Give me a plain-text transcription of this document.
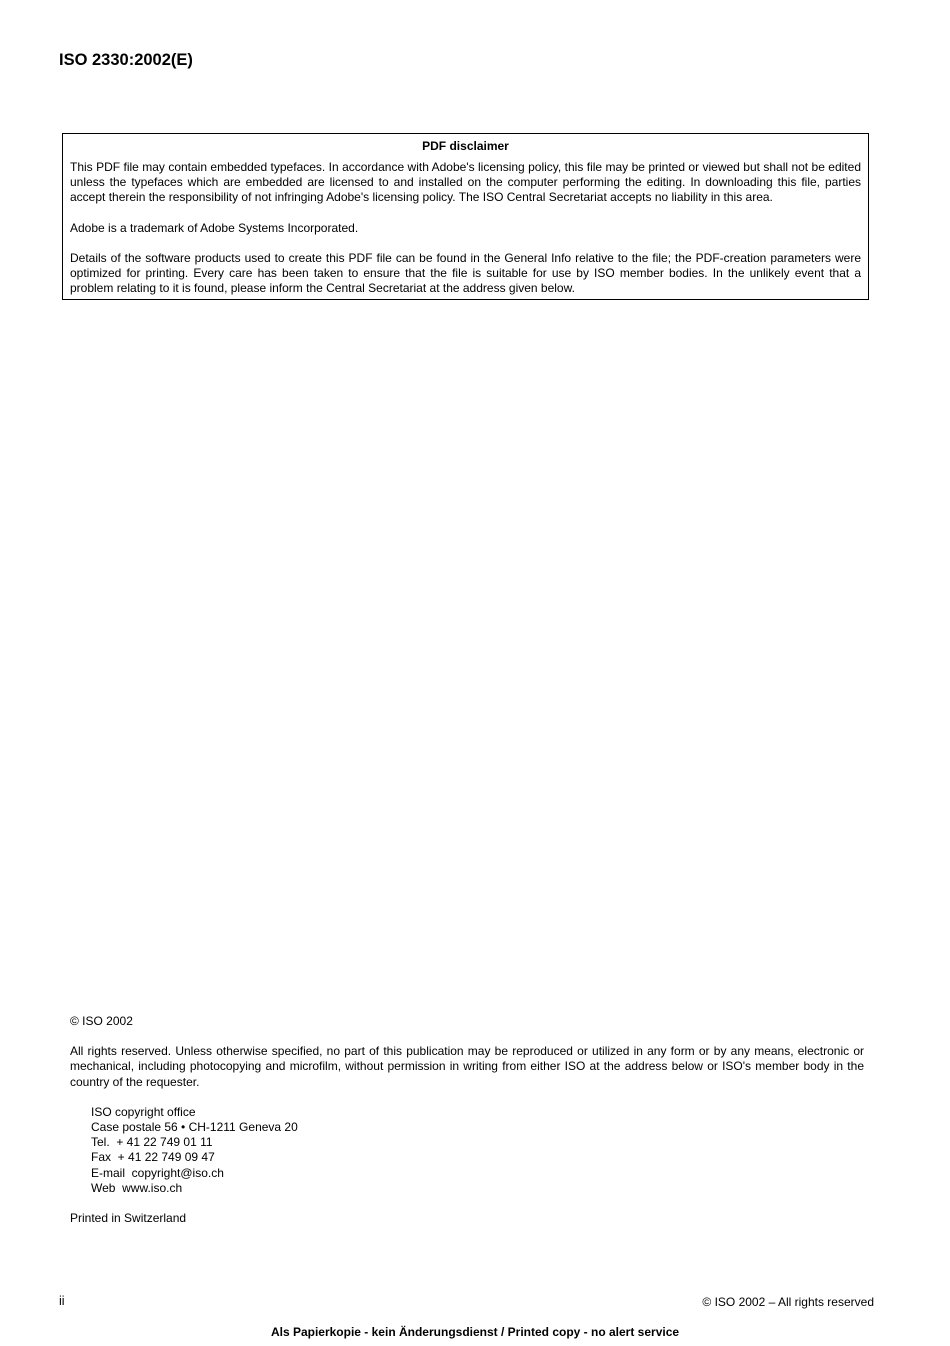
ISO 2330:2002(E)
PDF disclaimer

This PDF file may contain embedded typefaces. In accordance with Adobe's licensing policy, this file may be printed or viewed but shall not be edited unless the typefaces which are embedded are licensed to and installed on the computer performing the editing. In downloading this file, parties accept therein the responsibility of not infringing Adobe's licensing policy. The ISO Central Secretariat accepts no liability in this area.

Adobe is a trademark of Adobe Systems Incorporated.

Details of the software products used to create this PDF file can be found in the General Info relative to the file; the PDF-creation parameters were optimized for printing. Every care has been taken to ensure that the file is suitable for use by ISO member bodies. In the unlikely event that a problem relating to it is found, please inform the Central Secretariat at the address given below.

© ISO 2002

All rights reserved. Unless otherwise specified, no part of this publication may be reproduced or utilized in any form or by any means, electronic or mechanical, including photocopying and microfilm, without permission in writing from either ISO at the address below or ISO's member body in the country of the requester.

ISO copyright office
Case postale 56 • CH-1211 Geneva 20
Tel.  + 41 22 749 01 11
Fax  + 41 22 749 09 47
E-mail  copyright@iso.ch
Web  www.iso.ch

Printed in Switzerland

ii	© ISO 2002 – All rights reserved
Als Papierkopie - kein Änderungsdienst / Printed copy - no alert service
